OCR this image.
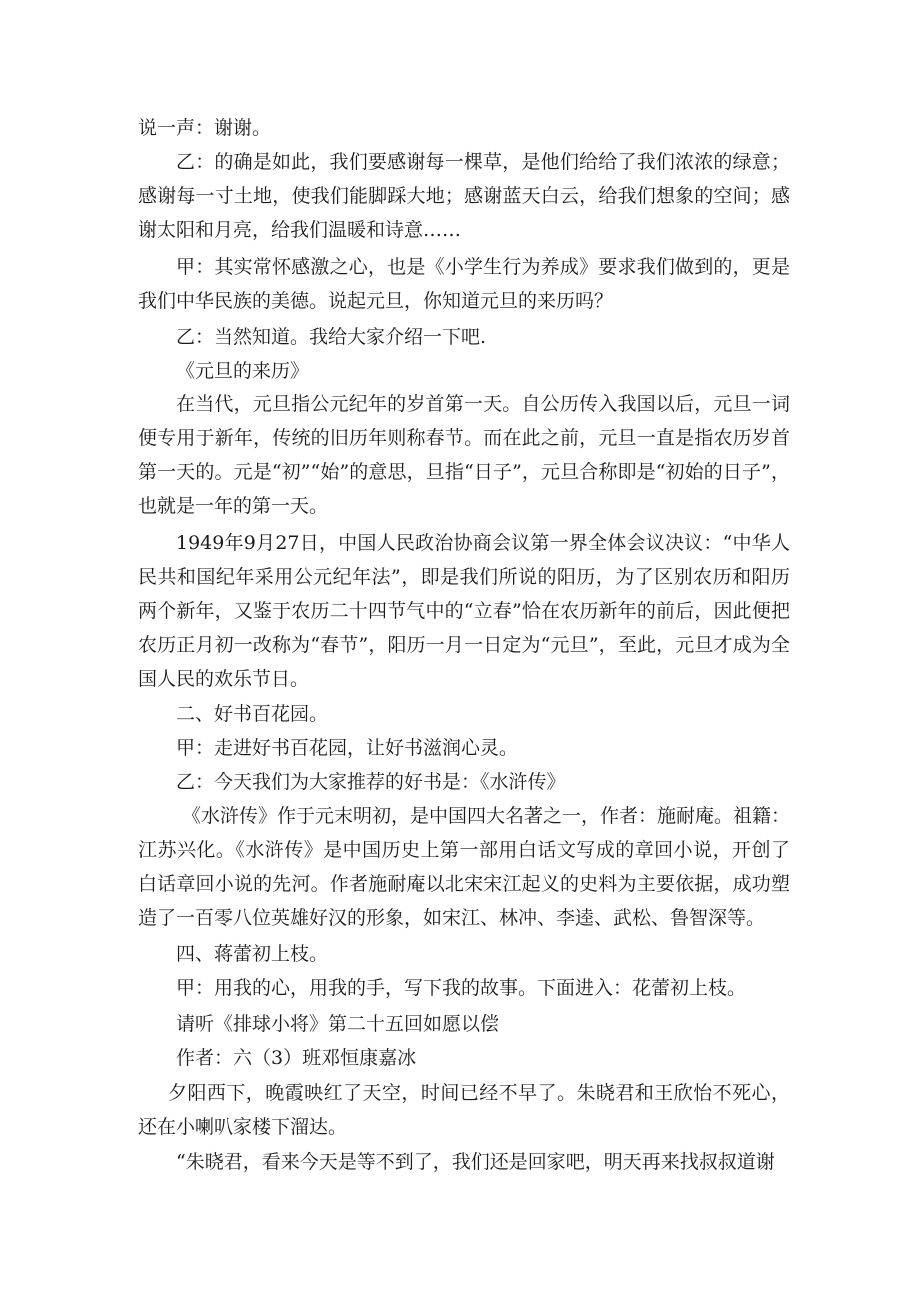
说一声：谢谢。

乙：的确是如此，我们要感谢每一棵草，是他们给给了我们浓浓的绿意；感谢每一寸土地，使我们能脚踩大地；感谢蓝天白云，给我们想象的空间；感谢太阳和月亮，给我们温暖和诗意……

甲：其实常怀感激之心，也是《小学生行为养成》要求我们做到的，更是我们中华民族的美德。说起元旦，你知道元旦的来历吗？

乙：当然知道。我给大家介绍一下吧.

《元旦的来历》

在当代，元旦指公元纪年的岁首第一天。自公历传入我国以后，元旦一词便专用于新年，传统的旧历年则称春节。而在此之前，元旦一直是指农历岁首第一天的。元是“初”“始”的意思，旦指“日子”，元旦合称即是“初始的日子”，也就是一年的第一天。

1949年9月27日，中国人民政治协商会议第一界全体会议决议：“中华人民共和国纪年采用公元纪年法”，即是我们所说的阳历，为了区别农历和阳历两个新年，又鉴于农历二十四节气中的“立春”恰在农历新年的前后，因此便把农历正月初一改称为“春节”，阳历一月一日定为“元旦”，至此，元旦才成为全国人民的欢乐节日。

二、好书百花园。

甲：走进好书百花园，让好书滋润心灵。

乙：今天我们为大家推荐的好书是：《水浒传》

《水浒传》作于元末明初，是中国四大名著之一，作者：施耐庵。祖籍：江苏兴化。《水浒传》是中国历史上第一部用白话文写成的章回小说，开创了白话章回小说的先河。作者施耐庵以北宋宋江起义的史料为主要依据，成功塑造了一百零八位英雄好汉的形象，如宋江、林冲、李逵、武松、鲁智深等。

四、蒋蕾初上枝。

甲：用我的心，用我的手，写下我的故事。下面进入：花蕾初上枝。

请听《排球小将》第二十五回如愿以偿

作者：六（3）班邓恒康嘉冰

夕阳西下，晚霞映红了天空，时间已经不早了。朱晓君和王欣怡不死心，还在小喇叭家楼下溜达。

“朱晓君，看来今天是等不到了，我们还是回家吧，明天再来找叔叔道谢
